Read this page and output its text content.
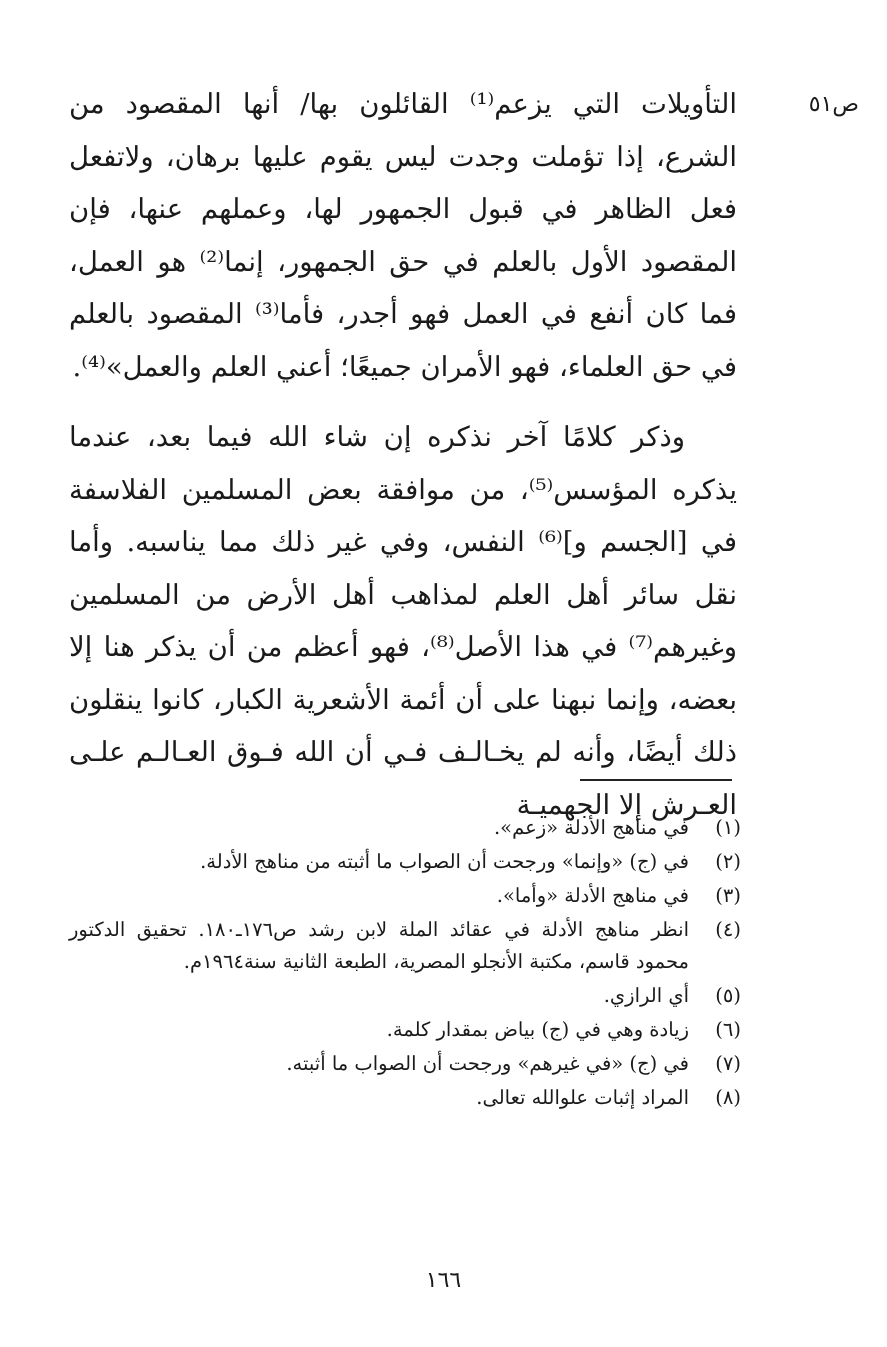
ص٥١

التأويلات التي يزعم⁽¹⁾ القائلون بها/ أنها المقصود من الشرع، إذا تؤملت وجدت ليس يقوم عليها برهان، ولاتفعل فعل الظاهر في قبول الجمهور لها، وعملهم عنها، فإن المقصود الأول بالعلم في حق الجمهور، إنما⁽²⁾ هو العمل، فما كان أنفع في العمل فهو أجدر، فأما⁽³⁾ المقصود بالعلم في حق العلماء، فهو الأمران جميعًا؛ أعني العلم والعمل»⁽⁴⁾.

وذكر كلامًا آخر نذكره إن شاء الله فيما بعد، عندما يذكره المؤسس⁽⁵⁾، من موافقة بعض المسلمين الفلاسفة في [الجسم و]⁽⁶⁾ النفس، وفي غير ذلك مما يناسبه. وأما نقل سائر أهل العلم لمذاهب أهل الأرض من المسلمين وغيرهم⁽⁷⁾ في هذا الأصل⁽⁸⁾، فهو أعظم من أن يذكر هنا إلا بعضه، وإنما نبهنا على أن أئمة الأشعرية الكبار، كانوا ينقلون ذلك أيضًا، وأنه لم يخـالـف فـي أن الله فـوق العـالـم علـى العـرش إلا الجهميـة

(١)
في مناهج الأدلة «زعم».
(٢)
في (ج) «وإنما» ورجحت أن الصواب ما أثبته من مناهج الأدلة.
(٣)
في مناهج الأدلة «وأما».
(٤)
انظر مناهج الأدلة في عقائد الملة لابن رشد ص١٧٦ـ١٨٠. تحقيق الدكتور محمود قاسم، مكتبة الأنجلو المصرية، الطبعة الثانية سنة١٩٦٤م.
(٥)
أي الرازي.
(٦)
زيادة وهي في (ج) بياض بمقدار كلمة.
(٧)
في (ج) «في غيرهم» ورجحت أن الصواب ما أثبته.
(٨)
المراد إثبات علوالله تعالى.
١٦٦
